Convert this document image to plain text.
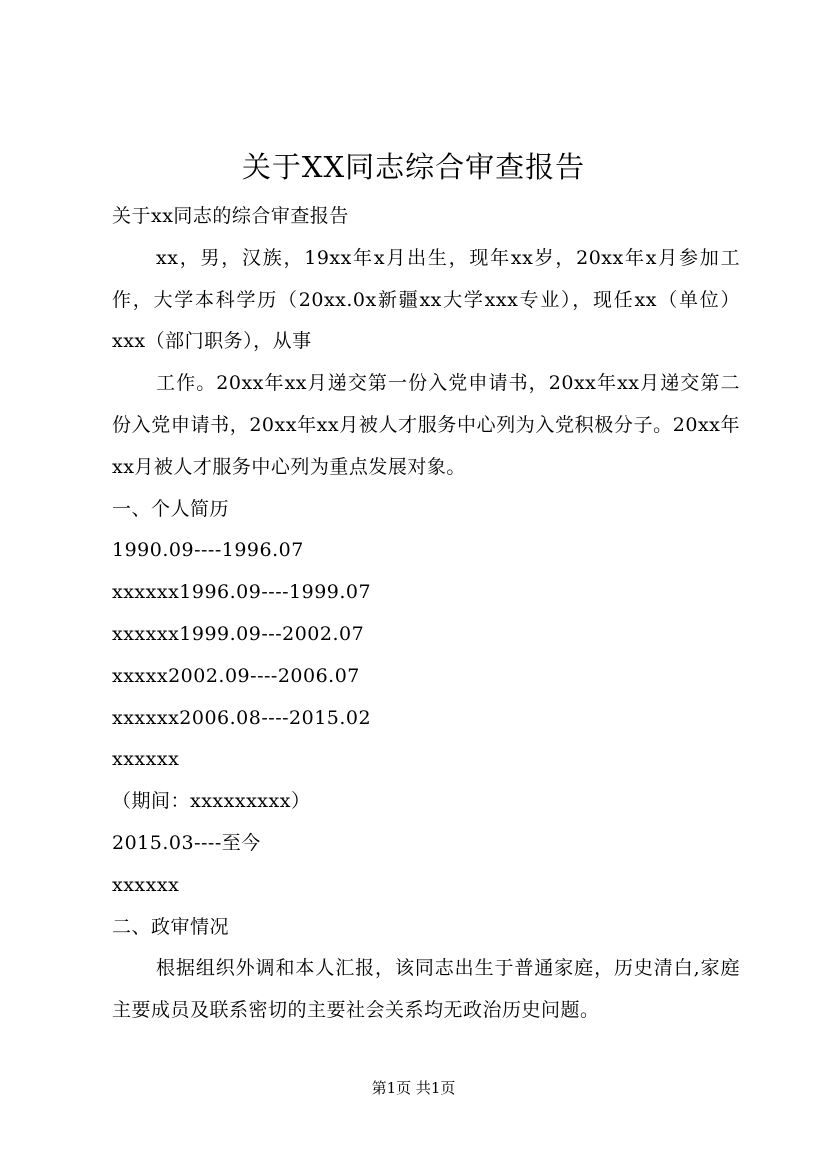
关于XX同志综合审查报告

关于xx同志的综合审查报告

xx，男，汉族，19xx年x月出生，现年xx岁，20xx年x月参加工作，大学本科学历（20xx.0x新疆xx大学xxx专业），现任xx（单位）xxx（部门职务），从事

工作。20xx年xx月递交第一份入党申请书，20xx年xx月递交第二份入党申请书，20xx年xx月被人才服务中心列为入党积极分子。20xx年xx月被人才服务中心列为重点发展对象。

一、个人简历

1990.09----1996.07

xxxxxx1996.09----1999.07

xxxxxx1999.09---2002.07

xxxxx2002.09----2006.07

xxxxxx2006.08----2015.02

xxxxxx

（期间：xxxxxxxxx）

2015.03----至今

xxxxxx

二、政审情况

根据组织外调和本人汇报，该同志出生于普通家庭，历史清白,家庭主要成员及联系密切的主要社会关系均无政治历史问题。

第1页 共1页
